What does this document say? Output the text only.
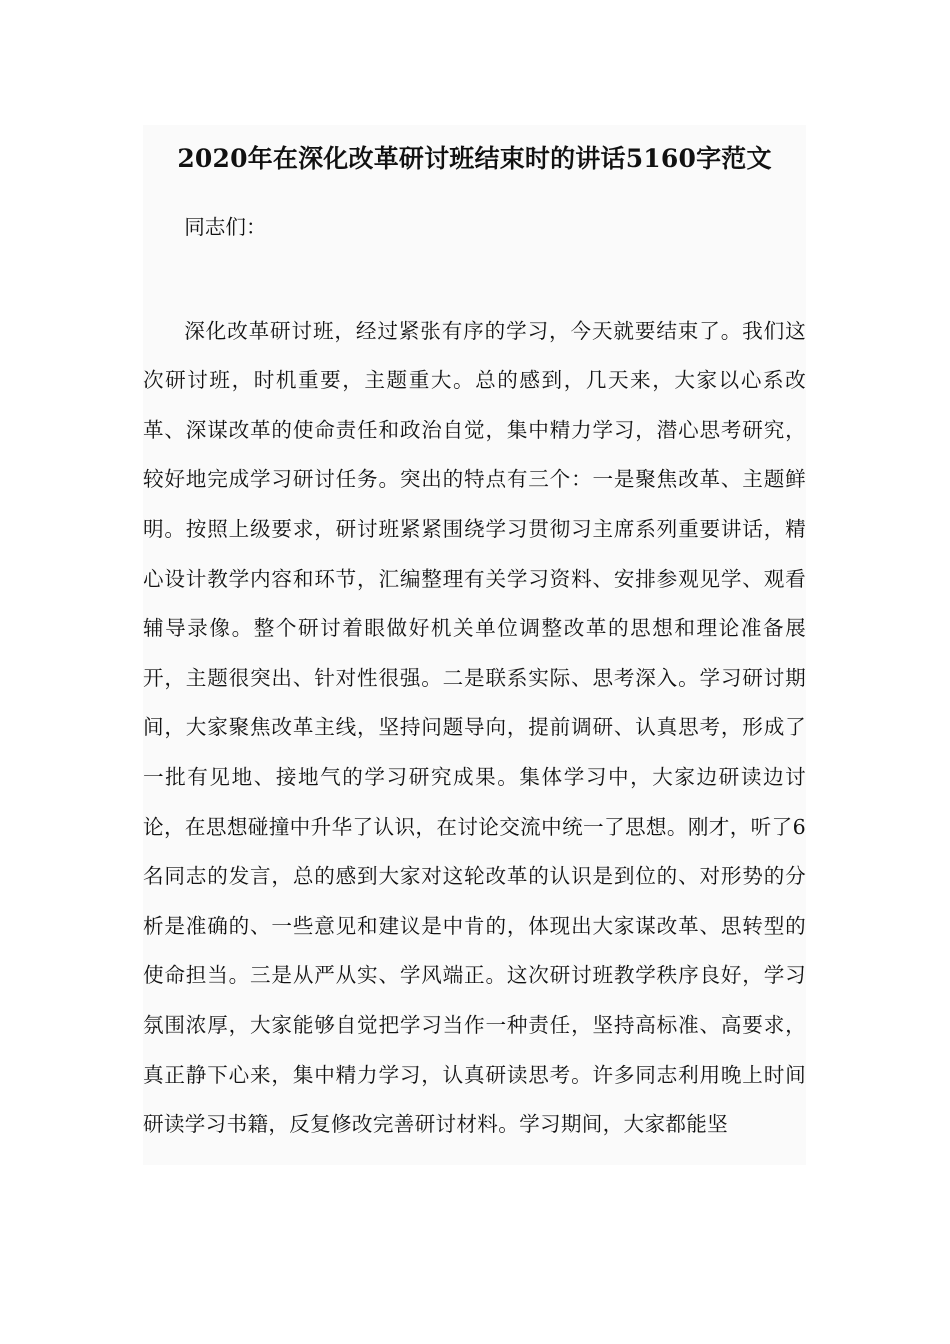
2020年在深化改革研讨班结束时的讲话5160字范文

同志们：

深化改革研讨班，经过紧张有序的学习，今天就要结束了。我们这次研讨班，时机重要，主题重大。总的感到，几天来，大家以心系改革、深谋改革的使命责任和政治自觉，集中精力学习，潜心思考研究，较好地完成学习研讨任务。突出的特点有三个：一是聚焦改革、主题鲜明。按照上级要求，研讨班紧紧围绕学习贯彻习主席系列重要讲话，精心设计教学内容和环节，汇编整理有关学习资料、安排参观见学、观看辅导录像。整个研讨着眼做好机关单位调整改革的思想和理论准备展开，主题很突出、针对性很强。二是联系实际、思考深入。学习研讨期间，大家聚焦改革主线，坚持问题导向，提前调研、认真思考，形成了一批有见地、接地气的学习研究成果。集体学习中，大家边研读边讨论，在思想碰撞中升华了认识，在讨论交流中统一了思想。刚才，听了6名同志的发言，总的感到大家对这轮改革的认识是到位的、对形势的分析是准确的、一些意见和建议是中肯的，体现出大家谋改革、思转型的使命担当。三是从严从实、学风端正。这次研讨班教学秩序良好，学习氛围浓厚，大家能够自觉把学习当作一种责任，坚持高标准、高要求，真正静下心来，集中精力学习，认真研读思考。许多同志利用晚上时间研读学习书籍，反复修改完善研讨材料。学习期间，大家都能坚
